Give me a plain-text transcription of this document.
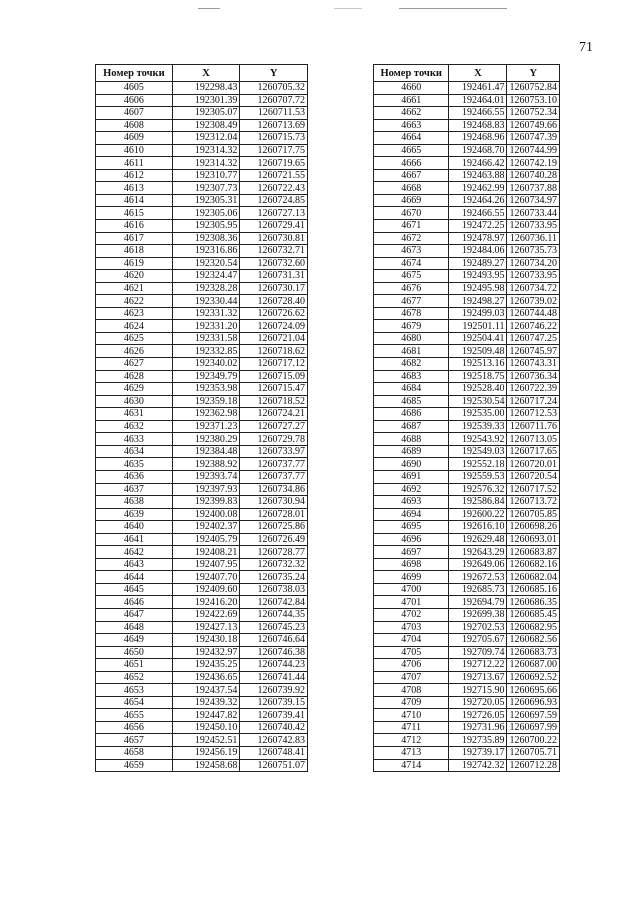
71
Номер точки	X	Y
4605	192298.43	1260705.32
4606	192301.39	1260707.72
4607	192305.07	1260711.53
4608	192308.49	1260713.69
4609	192312.04	1260715.73
4610	192314.32	1260717.75
4611	192314.32	1260719.65
4612	192310.77	1260721.55
4613	192307.73	1260722.43
4614	192305.31	1260724.85
4615	192305.06	1260727.13
4616	192305.95	1260729.41
4617	192308.36	1260730.81
4618	192316.86	1260732.71
4619	192320.54	1260732.60
4620	192324.47	1260731.31
4621	192328.28	1260730.17
4622	192330.44	1260728.40
4623	192331.32	1260726.62
4624	192331.20	1260724.09
4625	192331.58	1260721.04
4626	192332.85	1260718.62
4627	192340.02	1260717.12
4628	192349.79	1260715.09
4629	192353.98	1260715.47
4630	192359.18	1260718.52
4631	192362.98	1260724.21
4632	192371.23	1260727.27
4633	192380.29	1260729.78
4634	192384.48	1260733.97
4635	192388.92	1260737.77
4636	192393.74	1260737.77
4637	192397.93	1260734.86
4638	192399.83	1260730.94
4639	192400.08	1260728.01
4640	192402.37	1260725.86
4641	192405.79	1260726.49
4642	192408.21	1260728.77
4643	192407.95	1260732.32
4644	192407.70	1260735.24
4645	192409.60	1260738.03
4646	192416.20	1260742.84
4647	192422.69	1260744.35
4648	192427.13	1260745.23
4649	192430.18	1260746.64
4650	192432.97	1260746.38
4651	192435.25	1260744.23
4652	192436.65	1260741.44
4653	192437.54	1260739.92
4654	192439.32	1260739.15
4655	192447.82	1260739.41
4656	192450.10	1260740.42
4657	192452.51	1260742.83
4658	192456.19	1260748.41
4659	192458.68	1260751.07
Номер точки	X	Y
4660	192461.47	1260752.84
4661	192464.01	1260753.10
4662	192466.55	1260752.34
4663	192468.83	1260749.66
4664	192468.96	1260747.39
4665	192468.70	1260744.99
4666	192466.42	1260742.19
4667	192463.88	1260740.28
4668	192462.99	1260737.88
4669	192464.26	1260734.97
4670	192466.55	1260733.44
4671	192472.25	1260733.95
4672	192478.97	1260736.11
4673	192484.06	1260735.73
4674	192489.27	1260734.20
4675	192493.95	1260733.95
4676	192495.98	1260734.72
4677	192498.27	1260739.02
4678	192499.03	1260744.48
4679	192501.11	1260746.22
4680	192504.41	1260747.25
4681	192509.48	1260745.97
4682	192513.16	1260743.31
4683	192518.75	1260736.34
4684	192528.40	1260722.39
4685	192530.54	1260717.24
4686	192535.00	1260712.53
4687	192539.33	1260711.76
4688	192543.92	1260713.05
4689	192549.03	1260717.65
4690	192552.18	1260720.01
4691	192559.53	1260720.54
4692	192576.32	1260717.52
4693	192586.84	1260713.72
4694	192600.22	1260705.85
4695	192616.10	1260698.26
4696	192629.48	1260693.01
4697	192643.29	1260683.87
4698	192649.06	1260682.16
4699	192672.53	1260682.04
4700	192685.73	1260685.16
4701	192694.79	1260686.35
4702	192699.38	1260685.45
4703	192702.53	1260682.95
4704	192705.67	1260682.56
4705	192709.74	1260683.73
4706	192712.22	1260687.00
4707	192713.67	1260692.52
4708	192715.90	1260695.66
4709	192720.05	1260696.93
4710	192726.05	1260697.59
4711	192731.96	1260697.99
4712	192735.89	1260700.22
4713	192739.17	1260705.71
4714	192742.32	1260712.28
